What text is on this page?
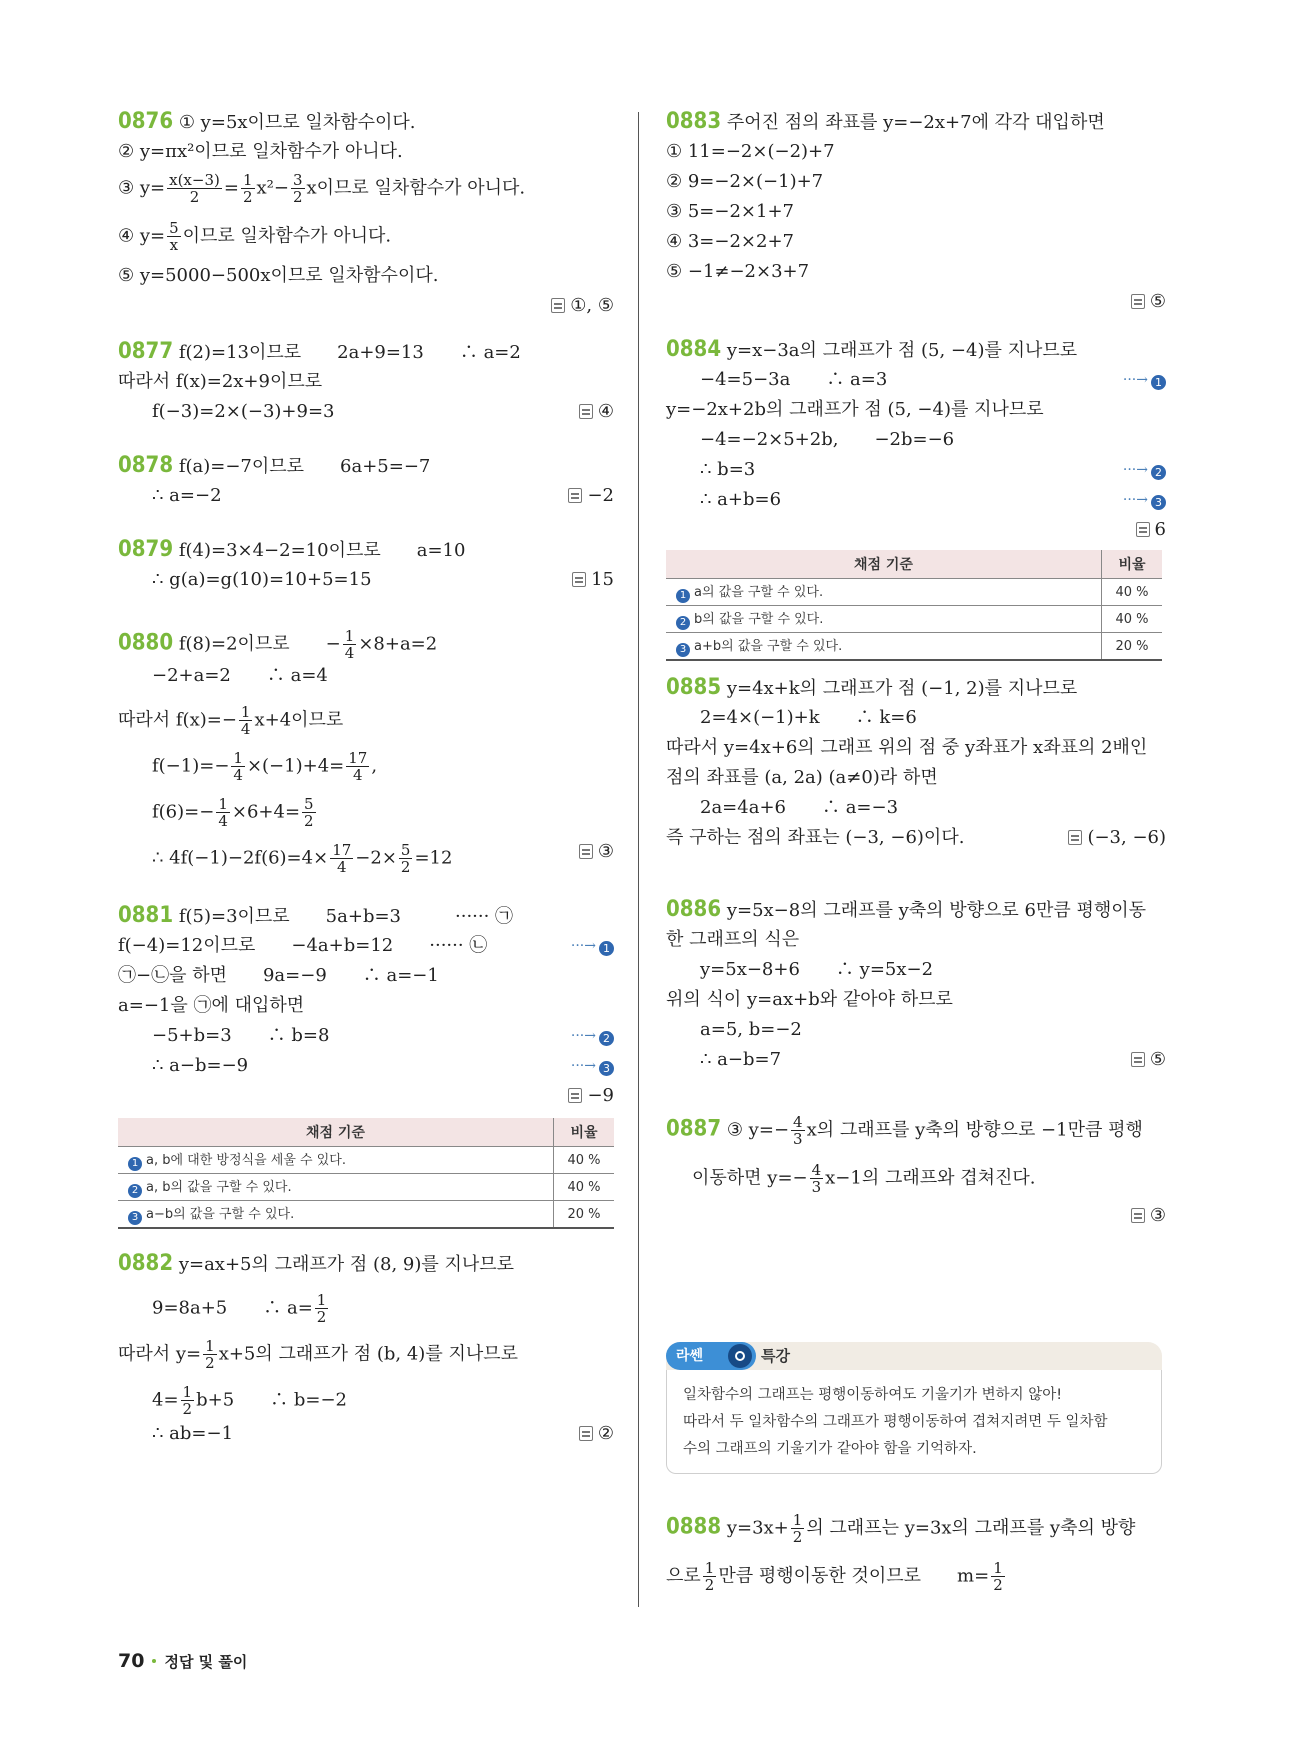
0876 ① y=5x이므로 일차함수이다.
② y=πx²이므로 일차함수가 아니다.
③ $y= \frac{x(x-3)}{2} = \frac{1}{2} x^2- \frac{3}{2}$ x이므로 일차함수가 아니다.
④ $y= \frac{5}{x}$ 이므로 일차함수가 아니다.
⑤ y=5000−500x이므로 일차함수이다.
①, ⑤
0877 f(2)=13이므로　　2a+9=13　　∴ a=2
따라서 f(x)=2x+9이므로
f(−3)=2×(−3)+9=3	④
0878 f(a)=−7이므로　　6a+5=−7
∴ a=−2	−2
0879 f(4)=3×4−2=10이므로　　a=10
∴ g(a)=g(10)=10+5=15	15
0880 f(8)=2이므로　　− $\frac{1}{4} \times 8+a=2$
−2+a=2　　∴ a=4
따라서 $f(x)=- \frac{1}{4} x+4$이므로
$f(-1)=- \frac{1}{4} \times(-1)+4= \frac{17}{4}$ ,
$f(6)=- \frac{1}{4} \times 6+4= \frac{5}{2}$
∴ $4f(-1)-2f(6)=4\times \frac{17}{4} -2\times \frac{5}{2} =12$	③
0881 f(5)=3이므로　　5a+b=3　　　······ ㉠
f(−4)=12이므로　　−4a+b=12　　······ ㉡	···→ 1
㉠−㉡을 하면　　9a=−9　　∴ a=−1
a=−1을 ㉠에 대입하면
−5+b=3　　∴ b=8	···→ 2
∴ a−b=−9	···→ 3
−9
채점 기준	비율
1 a, b에 대한 방정식을 세울 수 있다.	40 %
2 a, b의 값을 구할 수 있다.	40 %
3 a−b의 값을 구할 수 있다.	20 %
0882 y=ax+5의 그래프가 점 (8, 9)를 지나므로
9=8a+5　　∴ $a= \frac{1}{2}$
따라서 $y= \frac{1}{2} x+5$의 그래프가 점 (b, 4)를 지나므로
$4= \frac{1}{2} b+5$　　∴ b=−2
∴ ab=−1	②
0883 주어진 점의 좌표를 y=−2x+7에 각각 대입하면
① 11=−2×(−2)+7
② 9=−2×(−1)+7
③ 5=−2×1+7
④ 3=−2×2+7
⑤ −1≠−2×3+7
⑤
0884 y=x−3a의 그래프가 점 (5, −4)를 지나므로
−4=5−3a　　∴ a=3	···→ 1
y=−2x+2b의 그래프가 점 (5, −4)를 지나므로
−4=−2×5+2b,　　−2b=−6
∴ b=3	···→ 2
∴ a+b=6	···→ 3
6
채점 기준	비율
1 a의 값을 구할 수 있다.	40 %
2 b의 값을 구할 수 있다.	40 %
3 a+b의 값을 구할 수 있다.	20 %
0885 y=4x+k의 그래프가 점 (−1, 2)를 지나므로
2=4×(−1)+k　　∴ k=6
따라서 y=4x+6의 그래프 위의 점 중 y좌표가 x좌표의 2배인
점의 좌표를 (a, 2a) (a≠0)라 하면
2a=4a+6　　∴ a=−3
즉 구하는 점의 좌표는 (−3, −6)이다.	(−3, −6)
0886 y=5x−8의 그래프를 y축의 방향으로 6만큼 평행이동
한 그래프의 식은
y=5x−8+6　　∴ y=5x−2
위의 식이 y=ax+b와 같아야 하므로
a=5, b=−2
∴ a−b=7	⑤
0887 ③ $y=- \frac{4}{3}$ x의 그래프를 y축의 방향으로 −1만큼 평행
이동하면 $y=- \frac{4}{3} x-1$의 그래프와 겹쳐진다.
③
라쎈	특강
일차함수의 그래프는 평행이동하여도 기울기가 변하지 않아!
따라서 두 일차함수의 그래프가 평행이동하여 겹쳐지려면 두 일차함
수의 그래프의 기울기가 같아야 함을 기억하자.
0888 $y=3x+ \frac{1}{2}$ 의 그래프는 y=3x의 그래프를 y축의 방향
으로 $\frac{1}{2}$ 만큼 평행이동한 것이므로　　$m= \frac{1}{2}$
70 정답 및 풀이
